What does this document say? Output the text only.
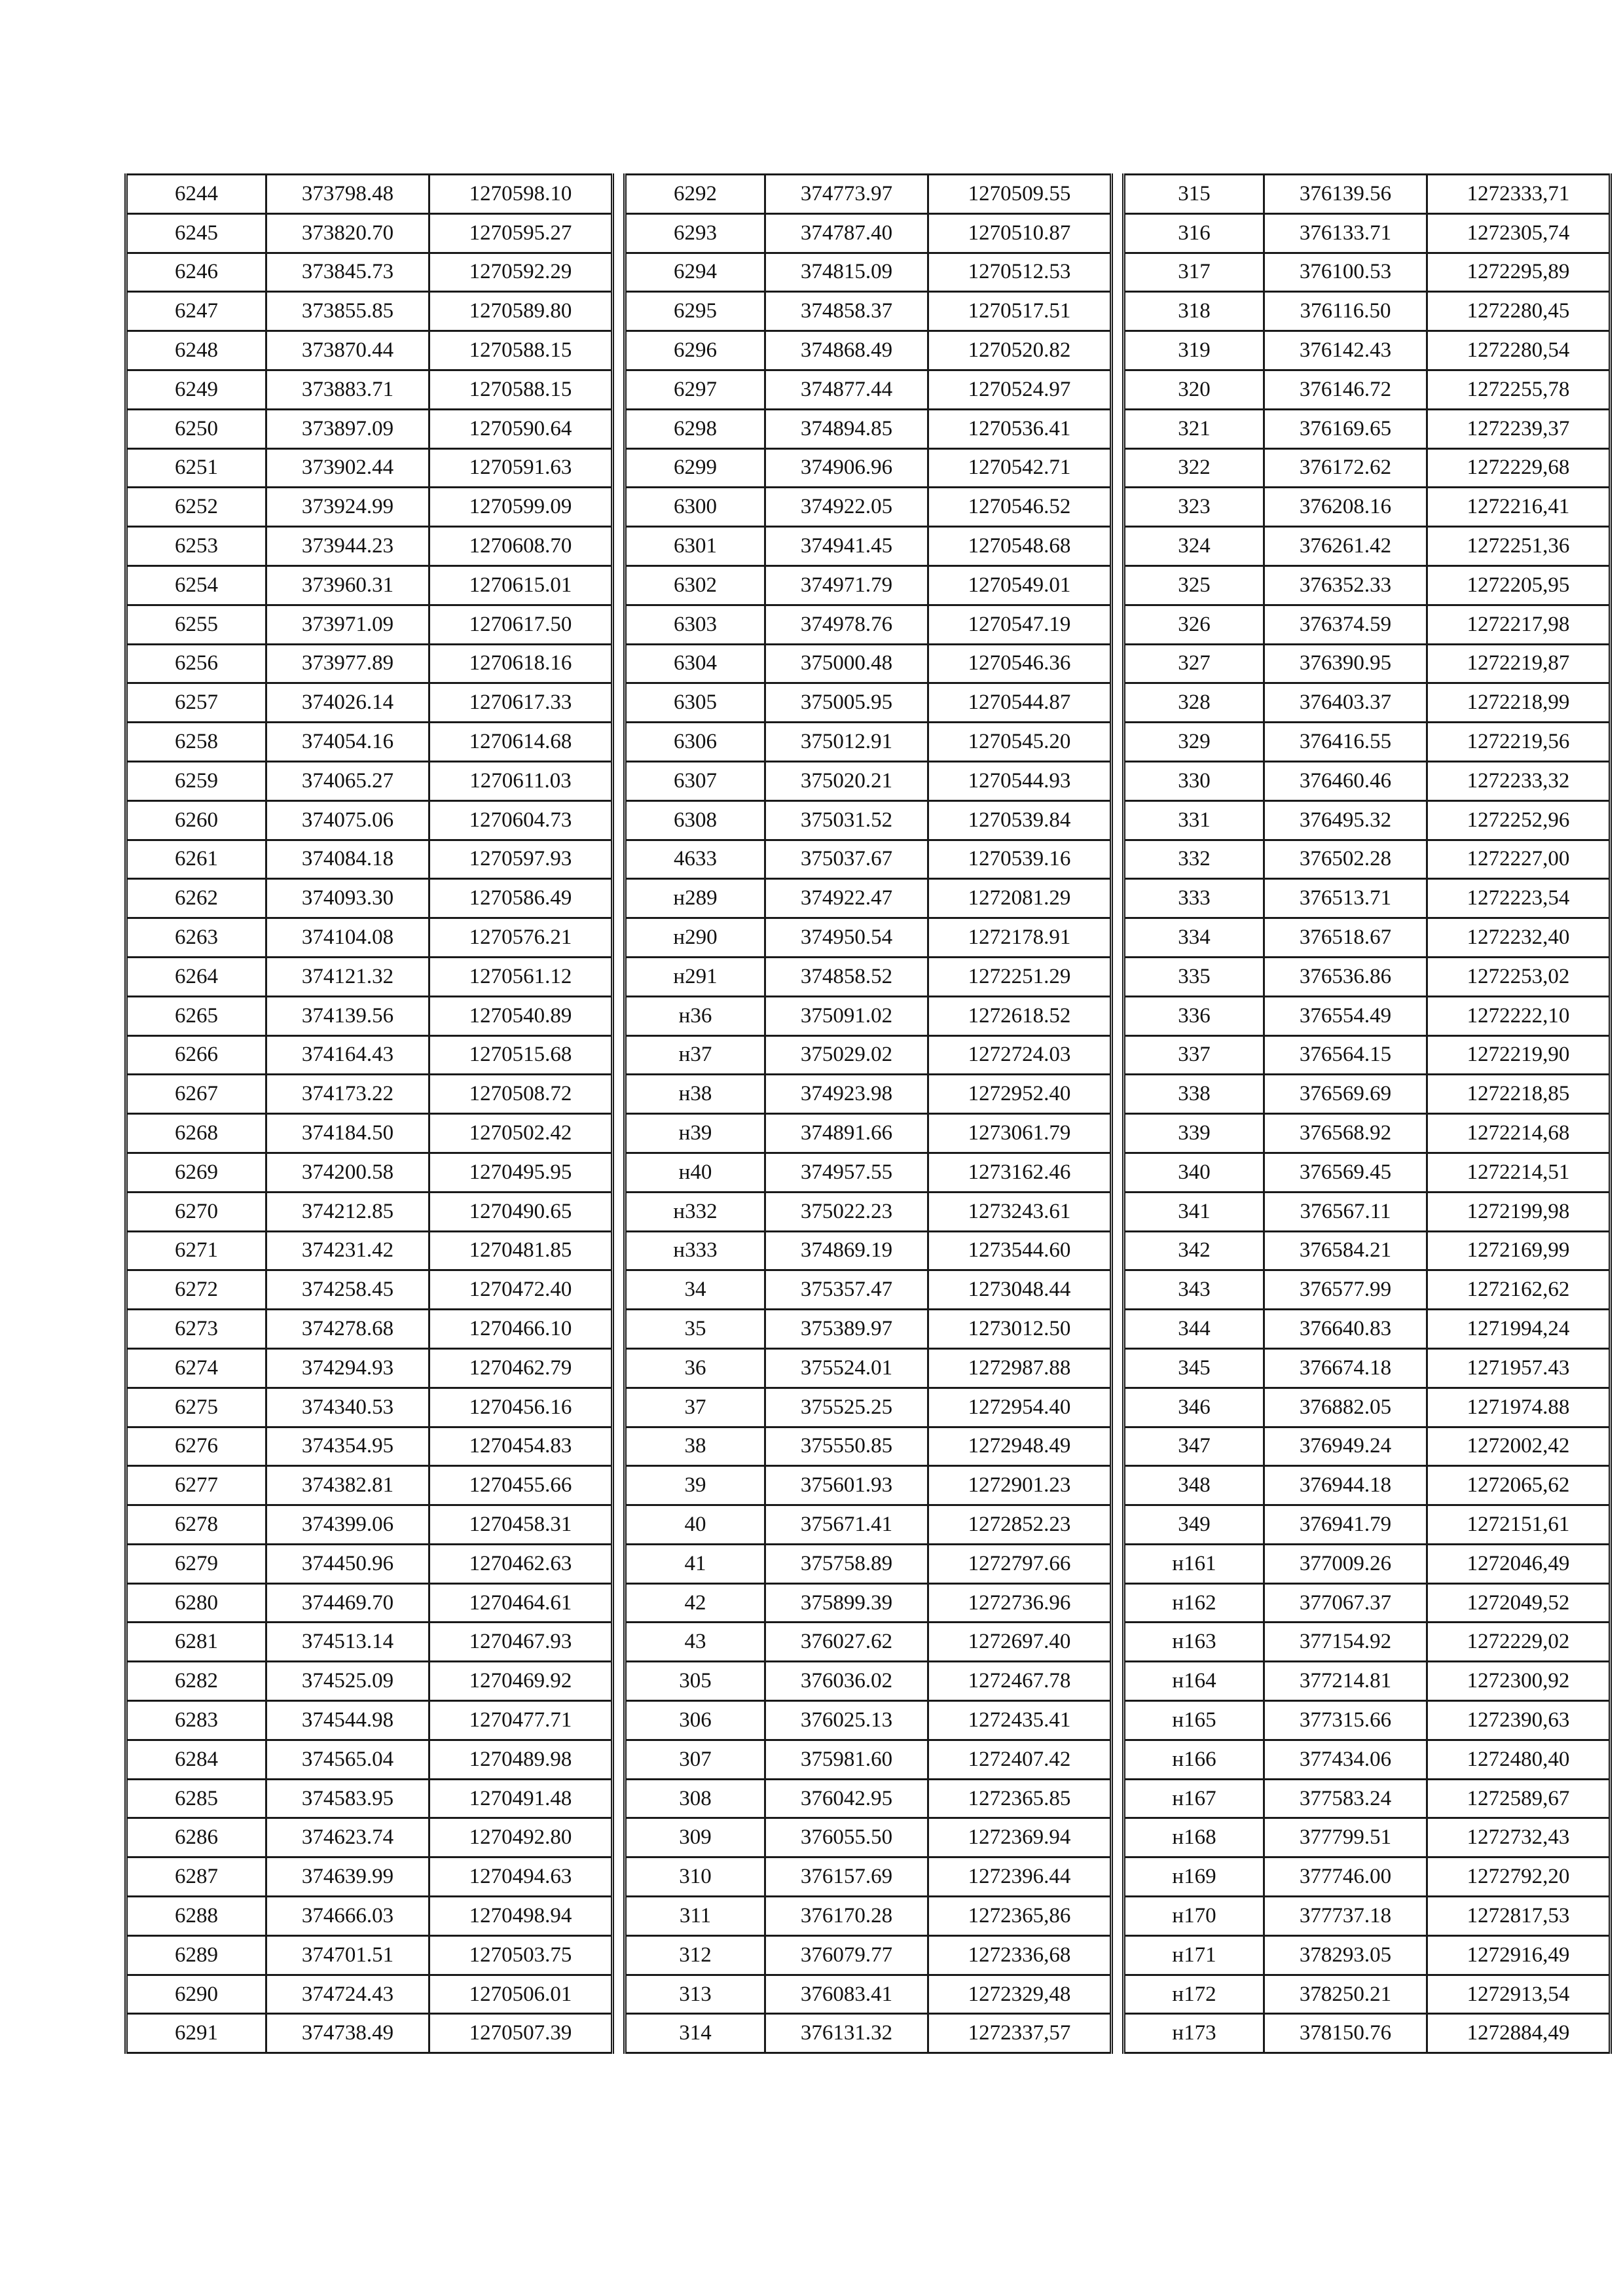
6244	373798.48	1270598.10
6245	373820.70	1270595.27
6246	373845.73	1270592.29
6247	373855.85	1270589.80
6248	373870.44	1270588.15
6249	373883.71	1270588.15
6250	373897.09	1270590.64
6251	373902.44	1270591.63
6252	373924.99	1270599.09
6253	373944.23	1270608.70
6254	373960.31	1270615.01
6255	373971.09	1270617.50
6256	373977.89	1270618.16
6257	374026.14	1270617.33
6258	374054.16	1270614.68
6259	374065.27	1270611.03
6260	374075.06	1270604.73
6261	374084.18	1270597.93
6262	374093.30	1270586.49
6263	374104.08	1270576.21
6264	374121.32	1270561.12
6265	374139.56	1270540.89
6266	374164.43	1270515.68
6267	374173.22	1270508.72
6268	374184.50	1270502.42
6269	374200.58	1270495.95
6270	374212.85	1270490.65
6271	374231.42	1270481.85
6272	374258.45	1270472.40
6273	374278.68	1270466.10
6274	374294.93	1270462.79
6275	374340.53	1270456.16
6276	374354.95	1270454.83
6277	374382.81	1270455.66
6278	374399.06	1270458.31
6279	374450.96	1270462.63
6280	374469.70	1270464.61
6281	374513.14	1270467.93
6282	374525.09	1270469.92
6283	374544.98	1270477.71
6284	374565.04	1270489.98
6285	374583.95	1270491.48
6286	374623.74	1270492.80
6287	374639.99	1270494.63
6288	374666.03	1270498.94
6289	374701.51	1270503.75
6290	374724.43	1270506.01
6291	374738.49	1270507.39
6292	374773.97	1270509.55
6293	374787.40	1270510.87
6294	374815.09	1270512.53
6295	374858.37	1270517.51
6296	374868.49	1270520.82
6297	374877.44	1270524.97
6298	374894.85	1270536.41
6299	374906.96	1270542.71
6300	374922.05	1270546.52
6301	374941.45	1270548.68
6302	374971.79	1270549.01
6303	374978.76	1270547.19
6304	375000.48	1270546.36
6305	375005.95	1270544.87
6306	375012.91	1270545.20
6307	375020.21	1270544.93
6308	375031.52	1270539.84
4633	375037.67	1270539.16
н289	374922.47	1272081.29
н290	374950.54	1272178.91
н291	374858.52	1272251.29
н36	375091.02	1272618.52
н37	375029.02	1272724.03
н38	374923.98	1272952.40
н39	374891.66	1273061.79
н40	374957.55	1273162.46
н332	375022.23	1273243.61
н333	374869.19	1273544.60
34	375357.47	1273048.44
35	375389.97	1273012.50
36	375524.01	1272987.88
37	375525.25	1272954.40
38	375550.85	1272948.49
39	375601.93	1272901.23
40	375671.41	1272852.23
41	375758.89	1272797.66
42	375899.39	1272736.96
43	376027.62	1272697.40
305	376036.02	1272467.78
306	376025.13	1272435.41
307	375981.60	1272407.42
308	376042.95	1272365.85
309	376055.50	1272369.94
310	376157.69	1272396.44
311	376170.28	1272365,86
312	376079.77	1272336,68
313	376083.41	1272329,48
314	376131.32	1272337,57
315	376139.56	1272333,71
316	376133.71	1272305,74
317	376100.53	1272295,89
318	376116.50	1272280,45
319	376142.43	1272280,54
320	376146.72	1272255,78
321	376169.65	1272239,37
322	376172.62	1272229,68
323	376208.16	1272216,41
324	376261.42	1272251,36
325	376352.33	1272205,95
326	376374.59	1272217,98
327	376390.95	1272219,87
328	376403.37	1272218,99
329	376416.55	1272219,56
330	376460.46	1272233,32
331	376495.32	1272252,96
332	376502.28	1272227,00
333	376513.71	1272223,54
334	376518.67	1272232,40
335	376536.86	1272253,02
336	376554.49	1272222,10
337	376564.15	1272219,90
338	376569.69	1272218,85
339	376568.92	1272214,68
340	376569.45	1272214,51
341	376567.11	1272199,98
342	376584.21	1272169,99
343	376577.99	1272162,62
344	376640.83	1271994,24
345	376674.18	1271957.43
346	376882.05	1271974.88
347	376949.24	1272002,42
348	376944.18	1272065,62
349	376941.79	1272151,61
н161	377009.26	1272046,49
н162	377067.37	1272049,52
н163	377154.92	1272229,02
н164	377214.81	1272300,92
н165	377315.66	1272390,63
н166	377434.06	1272480,40
н167	377583.24	1272589,67
н168	377799.51	1272732,43
н169	377746.00	1272792,20
н170	377737.18	1272817,53
н171	378293.05	1272916,49
н172	378250.21	1272913,54
н173	378150.76	1272884,49
